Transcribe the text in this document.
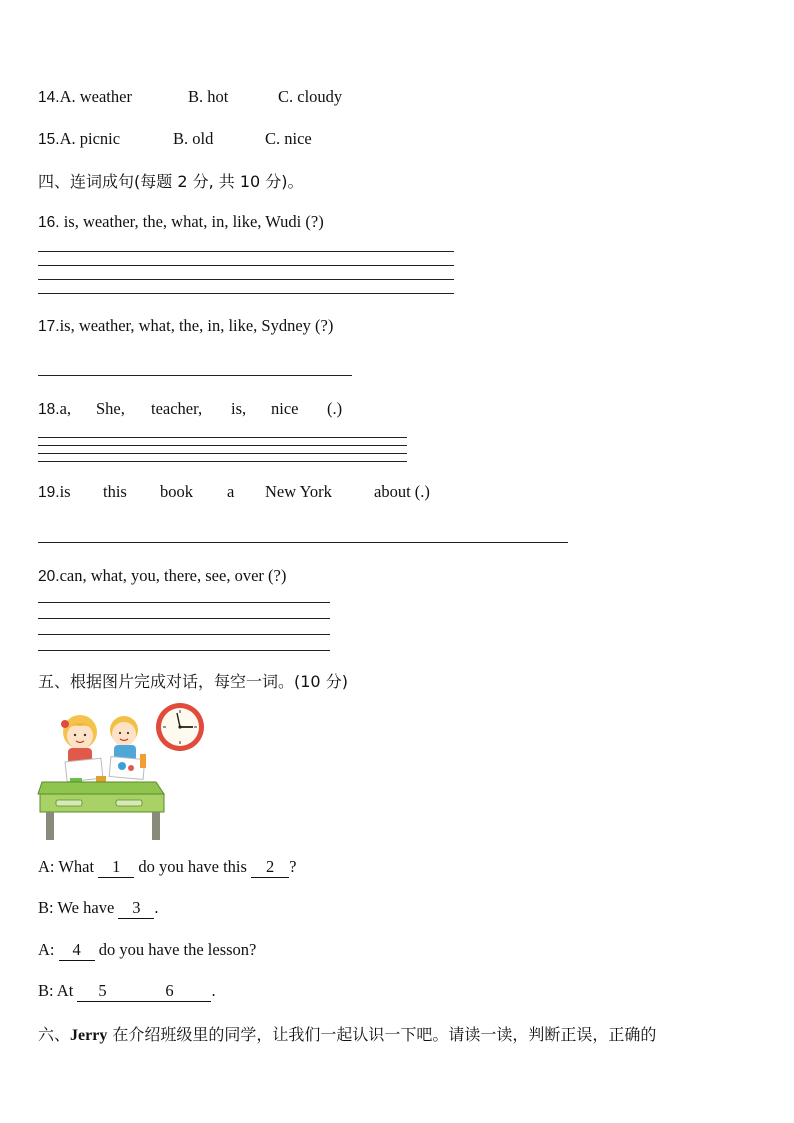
14.A. weather	B. hot	C. cloudy
15.A. picnic	B. old	C. nice
四、连词成句(每题 2 分, 共 10 分)。
16. is, weather, the, what, in, like, Wudi (?)
17.is, weather, what, the, in, like, Sydney (?)
18.a, She, teacher, is, nice (.)
19.is this book a New York	about (.)
20.can, what, you, there, see, over (?)
五、根据图片完成对话，每空一词。(10 分)
A: What 1 do you have this 2 ?
B: We have 3 .
A: 4 do you have the lesson?
B: At 5	6 .
六、Jerry 在介绍班级里的同学，让我们一起认识一下吧。请读一读，判断正误，正确的
